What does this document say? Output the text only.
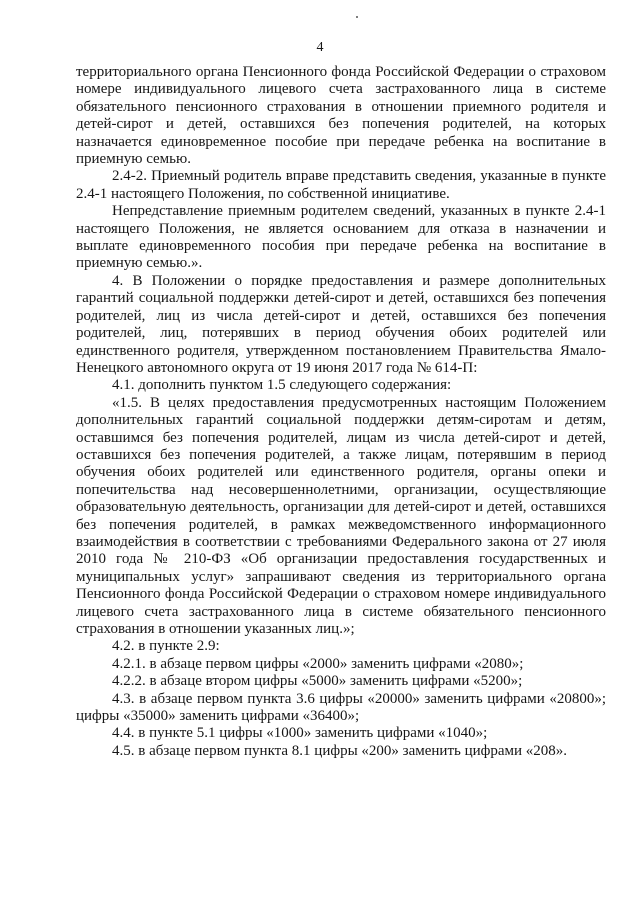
4

территориального органа Пенсионного фонда Российской Федерации о страховом номере индивидуального лицевого счета застрахованного лица в системе обязательного пенсионного страхования в отношении приемного родителя и детей-сирот и детей, оставшихся без попечения родителей, на которых назначается единовременное пособие при передаче ребенка на воспитание в приемную семью.

2.4-2. Приемный родитель вправе представить сведения, указанные в пункте 2.4-1 настоящего Положения, по собственной инициативе.

Непредставление приемным родителем сведений, указанных в пункте 2.4-1 настоящего Положения, не является основанием для отказа в назначении и выплате единовременного пособия при передаче ребенка на воспитание в приемную семью.».

4. В Положении о порядке предоставления и размере дополнительных гарантий социальной поддержки детей-сирот и детей, оставшихся без попечения родителей, лиц из числа детей-сирот и детей, оставшихся без попечения родителей, лиц, потерявших в период обучения обоих родителей или единственного родителя, утвержденном постановлением Правительства Ямало-Ненецкого автономного округа от 19 июня 2017 года № 614-П:

4.1. дополнить пунктом 1.5 следующего содержания:

«1.5. В целях предоставления предусмотренных настоящим Положением дополнительных гарантий социальной поддержки детям-сиротам и детям, оставшимся без попечения родителей, лицам из числа детей-сирот и детей, оставшихся без попечения родителей, а также лицам, потерявшим в период обучения обоих родителей или единственного родителя, органы опеки и попечительства над несовершеннолетними, организации, осуществляющие образовательную деятельность, организации для детей-сирот и детей, оставшихся без попечения родителей, в рамках межведомственного информационного взаимодействия в соответствии с требованиями Федерального закона от 27 июля 2010 года № 210-ФЗ «Об организации предоставления государственных и муниципальных услуг» запрашивают сведения из территориального органа Пенсионного фонда Российской Федерации о страховом номере индивидуального лицевого счета застрахованного лица в системе обязательного пенсионного страхования в отношении указанных лиц.»;

4.2. в пункте 2.9:

4.2.1. в абзаце первом цифры «2000» заменить цифрами «2080»;

4.2.2. в абзаце втором цифры «5000» заменить цифрами «5200»;

4.3. в абзаце первом пункта 3.6 цифры «20000» заменить цифрами «20800»; цифры «35000» заменить цифрами «36400»;

4.4. в пункте 5.1 цифры «1000» заменить цифрами «1040»;

4.5. в абзаце первом пункта 8.1 цифры «200» заменить цифрами «208».
